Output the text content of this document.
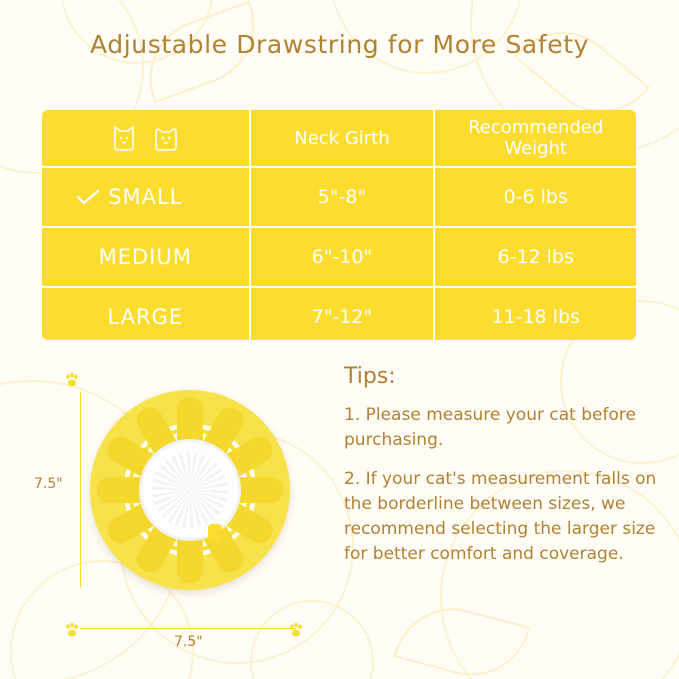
Adjustable Drawstring for More Safety
	Neck Girth	Recommended Weight

SMALL	5"-8"	0-6 lbs
MEDIUM	6"-10"	6-12 lbs
LARGE	7"-12"	11-18 lbs
7.5"
7.5"
Tips:

1. Please measure your cat before purchasing.

2. If your cat's measurement falls on the borderline between sizes, we recommend selecting the larger size for better comfort and coverage.
